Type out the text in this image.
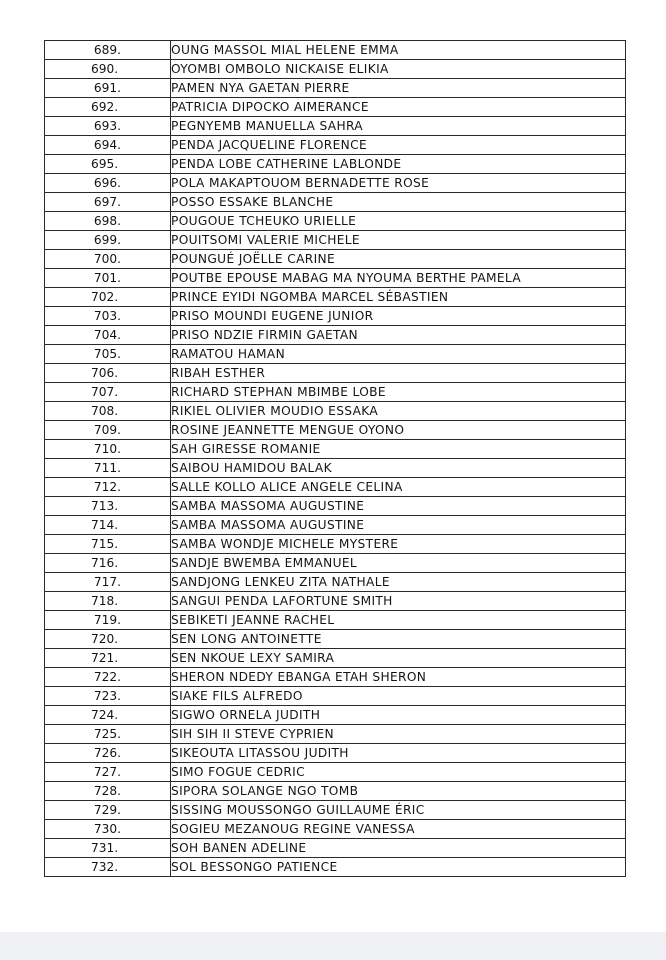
689.	OUNG MASSOL MIAL HELENE EMMA
690.	OYOMBI OMBOLO NICKAISE ELIKIA
691.	PAMEN NYA GAETAN PIERRE
692.	PATRICIA DIPOCKO AIMERANCE
693.	PEGNYEMB MANUELLA SAHRA
694.	PENDA JACQUELINE FLORENCE
695.	PENDA LOBE CATHERINE LABLONDE
696.	POLA MAKAPTOUOM BERNADETTE ROSE
697.	POSSO ESSAKE BLANCHE
698.	POUGOUE TCHEUKO URIELLE
699.	POUITSOMI VALERIE MICHELE
700.	POUNGUÉ JOËLLE CARINE
701.	POUTBE EPOUSE MABAG MA NYOUMA BERTHE PAMELA
702.	PRINCE EYIDI NGOMBA MARCEL SÉBASTIEN
703.	PRISO MOUNDI EUGENE JUNIOR
704.	PRISO NDZIE FIRMIN GAETAN
705.	RAMATOU HAMAN
706.	RIBAH ESTHER
707.	RICHARD STEPHAN MBIMBE LOBE
708.	RIKIEL OLIVIER MOUDIO ESSAKA
709.	ROSINE JEANNETTE MENGUE OYONO
710.	SAH GIRESSE ROMANIE
711.	SAIBOU HAMIDOU BALAK
712.	SALLE KOLLO ALICE ANGELE CELINA
713.	SAMBA MASSOMA AUGUSTINE
714.	SAMBA MASSOMA AUGUSTINE
715.	SAMBA WONDJE MICHELE MYSTERE
716.	SANDJE BWEMBA EMMANUEL
717.	SANDJONG LENKEU ZITA NATHALE
718.	SANGUI PENDA LAFORTUNE SMITH
719.	SEBIKETI JEANNE RACHEL
720.	SEN LONG ANTOINETTE
721.	SEN NKOUE LEXY SAMIRA
722.	SHERON NDEDY EBANGA ETAH SHERON
723.	SIAKE FILS ALFREDO
724.	SIGWO ORNELA JUDITH
725.	SIH SIH II STEVE CYPRIEN
726.	SIKEOUTA LITASSOU JUDITH
727.	SIMO FOGUE CEDRIC
728.	SIPORA SOLANGE NGO TOMB
729.	SISSING MOUSSONGO GUILLAUME ÉRIC
730.	SOGIEU MEZANOUG REGINE VANESSA
731.	SOH BANEN ADELINE
732.	SOL BESSONGO PATIENCE
